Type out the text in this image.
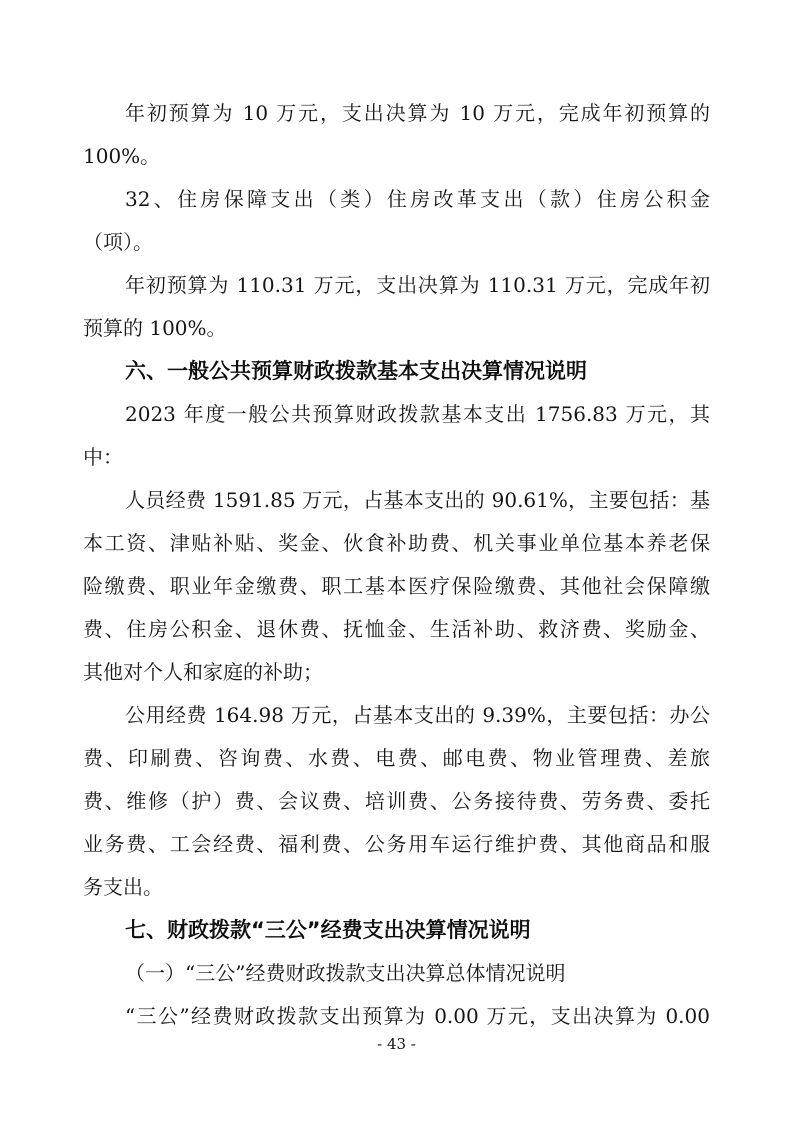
年初预算为 10 万元，支出决算为 10 万元，完成年初预算的
100%。
32、住房保障支出（类）住房改革支出（款）住房公积金
（项）。
年初预算为 110.31 万元，支出决算为 110.31 万元，完成年初
预算的 100%。
六、一般公共预算财政拨款基本支出决算情况说明
2023 年度一般公共预算财政拨款基本支出 1756.83 万元，其
中：
人员经费 1591.85 万元，占基本支出的 90.61%，主要包括：基
本工资、津贴补贴、奖金、伙食补助费、机关事业单位基本养老保
险缴费、职业年金缴费、职工基本医疗保险缴费、其他社会保障缴
费、住房公积金、退休费、抚恤金、生活补助、救济费、奖励金、
其他对个人和家庭的补助；
公用经费 164.98 万元，占基本支出的 9.39%，主要包括：办公
费、印刷费、咨询费、水费、电费、邮电费、物业管理费、差旅
费、维修（护）费、会议费、培训费、公务接待费、劳务费、委托
业务费、工会经费、福利费、公务用车运行维护费、其他商品和服
务支出。
七、财政拨款“三公”经费支出决算情况说明
（一）“三公”经费财政拨款支出决算总体情况说明
“三公”经费财政拨款支出预算为 0.00 万元，支出决算为 0.00
- 43 -
